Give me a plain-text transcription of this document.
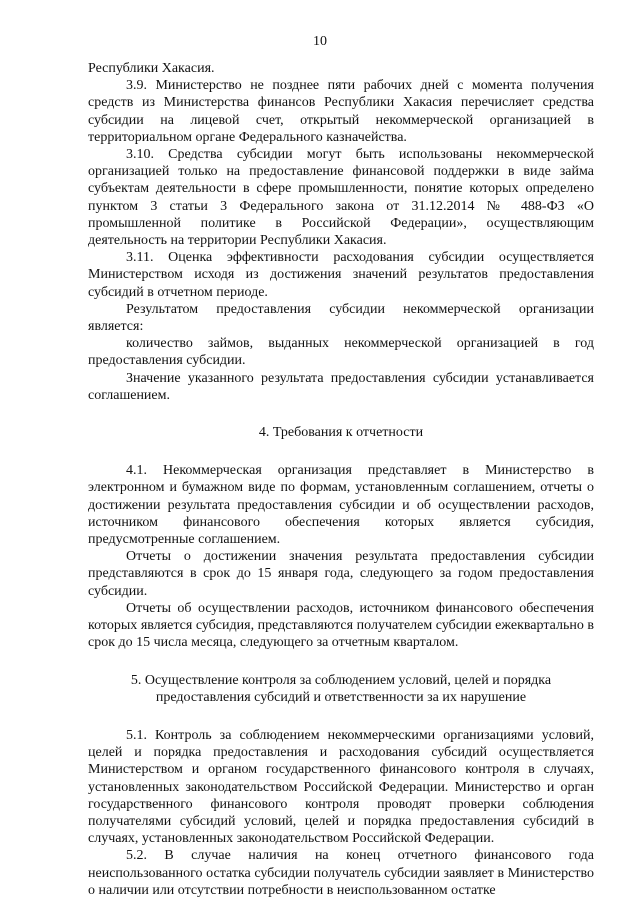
10

Республики Хакасия.

3.9. Министерство не позднее пяти рабочих дней с момента получения средств из Министерства финансов Республики Хакасия перечисляет средства субсидии на лицевой счет, открытый некоммерческой организацией в территориальном органе Федерального казначейства.

3.10. Средства субсидии могут быть использованы некоммерческой организацией только на предоставление финансовой поддержки в виде займа субъектам деятельности в сфере промышленности, понятие которых определено пунктом 3 статьи 3 Федерального закона от 31.12.2014 № 488-ФЗ «О промышленной политике в Российской Федерации», осуществляющим деятельность на территории Республики Хакасия.

3.11. Оценка эффективности расходования субсидии осуществляется Министерством исходя из достижения значений результатов предоставления субсидий в отчетном периоде.

Результатом предоставления субсидии некоммерческой организации является:

количество займов, выданных некоммерческой организацией в год предоставления субсидии.

Значение указанного результата предоставления субсидии устанавливается соглашением.

4. Требования к отчетности

4.1. Некоммерческая организация представляет в Министерство в электронном и бумажном виде по формам, установленным соглашением, отчеты о достижении результата предоставления субсидии и об осуществлении расходов, источником финансового обеспечения которых является субсидия, предусмотренные соглашением.

Отчеты о достижении значения результата предоставления субсидии представляются в срок до 15 января года, следующего за годом предоставления субсидии.

Отчеты об осуществлении расходов, источником финансового обеспечения которых является субсидия, представляются получателем субсидии ежеквартально в срок до 15 числа месяца, следующего за отчетным кварталом.

5. Осуществление контроля за соблюдением условий, целей и порядка

предоставления субсидий и ответственности за их нарушение

5.1. Контроль за соблюдением некоммерческими организациями условий, целей и порядка предоставления и расходования субсидий осуществляется Министерством и органом государственного финансового контроля в случаях, установленных законодательством Российской Федерации. Министерство и орган государственного финансового контроля проводят проверки соблюдения получателями субсидий условий, целей и порядка предоставления субсидий в случаях, установленных законодательством Российской Федерации.

5.2. В случае наличия на конец отчетного финансового года неиспользованного остатка субсидии получатель субсидии заявляет в Министерство о наличии или отсутствии потребности в неиспользованном остатке
